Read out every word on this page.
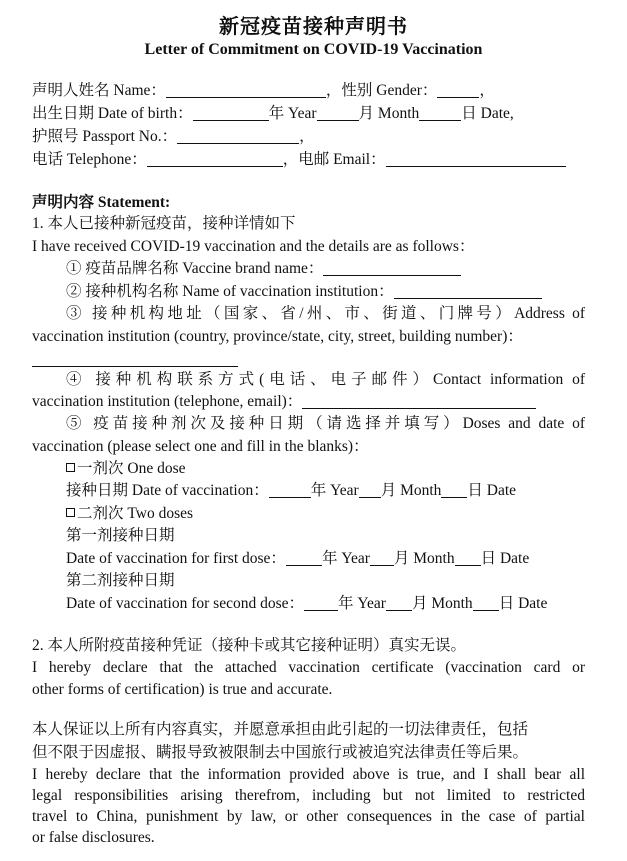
新冠疫苗接种声明书
Letter of Commitment on COVID-19 Vaccination
声明人姓名 Name：	，性别 Gender：	，
出生日期 Date of birth：	年 Year	月 Month	日 Date,
护照号 Passport No.：	，
电话 Telephone：	，电邮 Email：
声明内容 Statement:
1. 本人已接种新冠疫苗，接种详情如下
I have received COVID-19 vaccination and the details are as follows：
① 疫苗品牌名称 Vaccine brand name：
② 接种机构名称 Name of vaccination institution：
③ 接种机构地址（国家、省/州、市、街道、门牌号）Address of
vaccination institution (country, province/state, city, street, building number)：
④ 接种机构联系方式(电话、电子邮件）Contact information of
vaccination institution (telephone, email)：
⑤ 疫苗接种剂次及接种日期（请选择并填写）Doses and date of
vaccination (please select one and fill in the blanks)：
一剂次 One dose
接种日期 Date of vaccination：	年 Year 月 Month 日 Date
二剂次 Two doses
第一剂接种日期
Date of vaccination for first dose： 年 Year 月 Month 日 Date
第二剂接种日期
Date of vaccination for second dose： 年 Year 月 Month 日 Date
2. 本人所附疫苗接种凭证（接种卡或其它接种证明）真实无误。
I hereby declare that the attached vaccination certificate (vaccination card or
other forms of certification) is true and accurate.
本人保证以上所有内容真实，并愿意承担由此引起的一切法律责任，包括
但不限于因虚报、瞒报导致被限制去中国旅行或被追究法律责任等后果。
I hereby declare that the information provided above is true, and I shall bear all
legal responsibilities arising therefrom, including but not limited to restricted
travel to China, punishment by law, or other consequences in the case of partial
or false disclosures.
